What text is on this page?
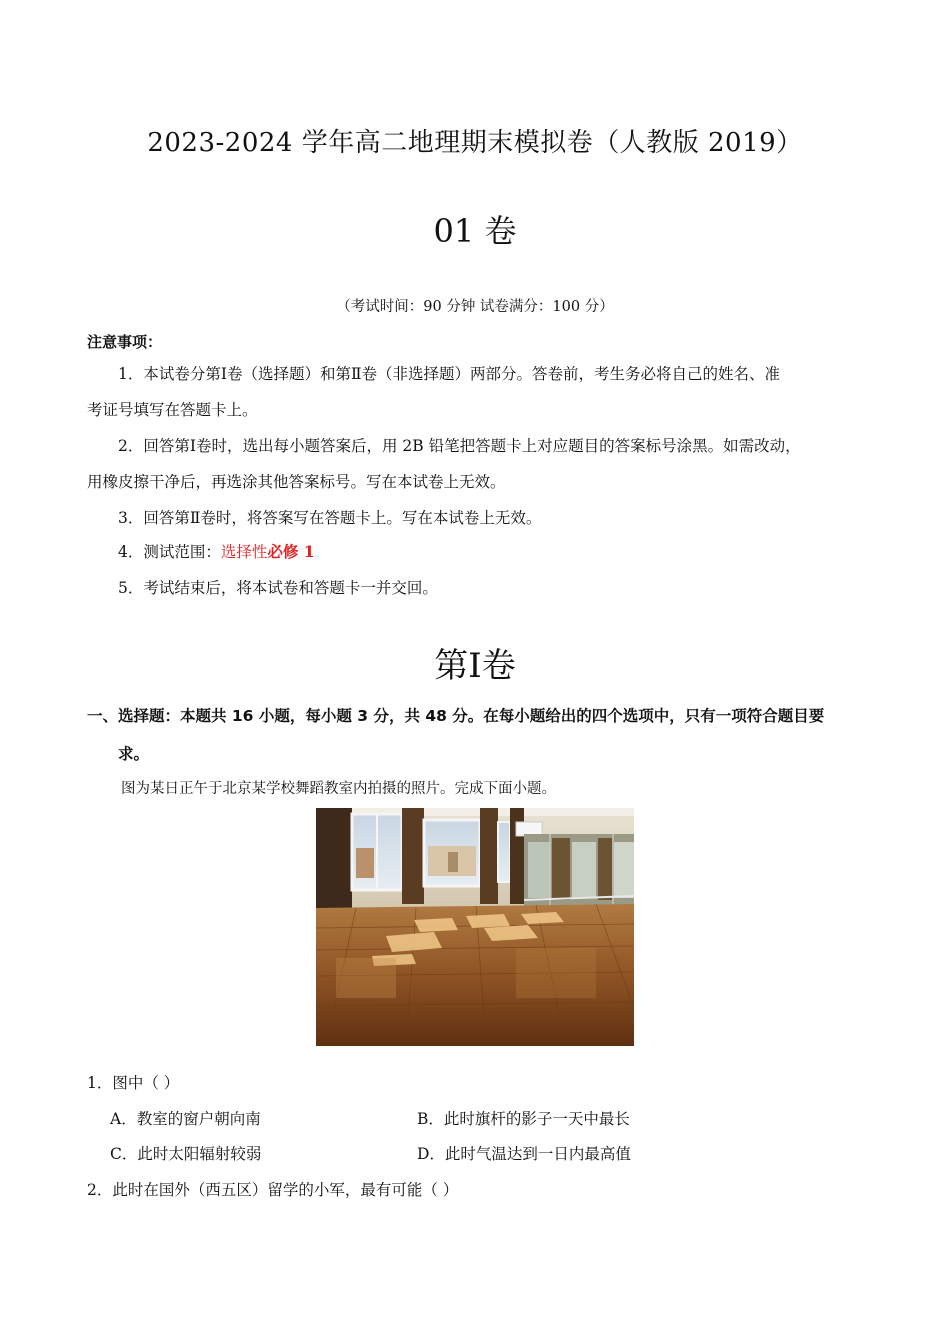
2023-2024 学年高二地理期末模拟卷（人教版 2019）
01 卷
（考试时间：90 分钟 试卷满分：100 分）
注意事项：
1．本试卷分第Ⅰ卷（选择题）和第Ⅱ卷（非选择题）两部分。答卷前，考生务必将自己的姓名、准
考证号填写在答题卡上。
2．回答第Ⅰ卷时，选出每小题答案后，用 2B 铅笔把答题卡上对应题目的答案标号涂黑。如需改动，
用橡皮擦干净后，再选涂其他答案标号。写在本试卷上无效。
3．回答第Ⅱ卷时，将答案写在答题卡上。写在本试卷上无效。
4．测试范围：选择性必修 1
5．考试结束后，将本试卷和答题卡一并交回。
第Ⅰ卷
一、选择题：本题共 16 小题，每小题 3 分，共 48 分。在每小题给出的四个选项中，只有一项符合题目要
求。
图为某日正午于北京某学校舞蹈教室内拍摄的照片。完成下面小题。
1．图中（ ）
A．教室的窗户朝向南	B．此时旗杆的影子一天中最长
C．此时太阳辐射较弱	D．此时气温达到一日内最高值
2．此时在国外（西五区）留学的小军，最有可能（ ）
